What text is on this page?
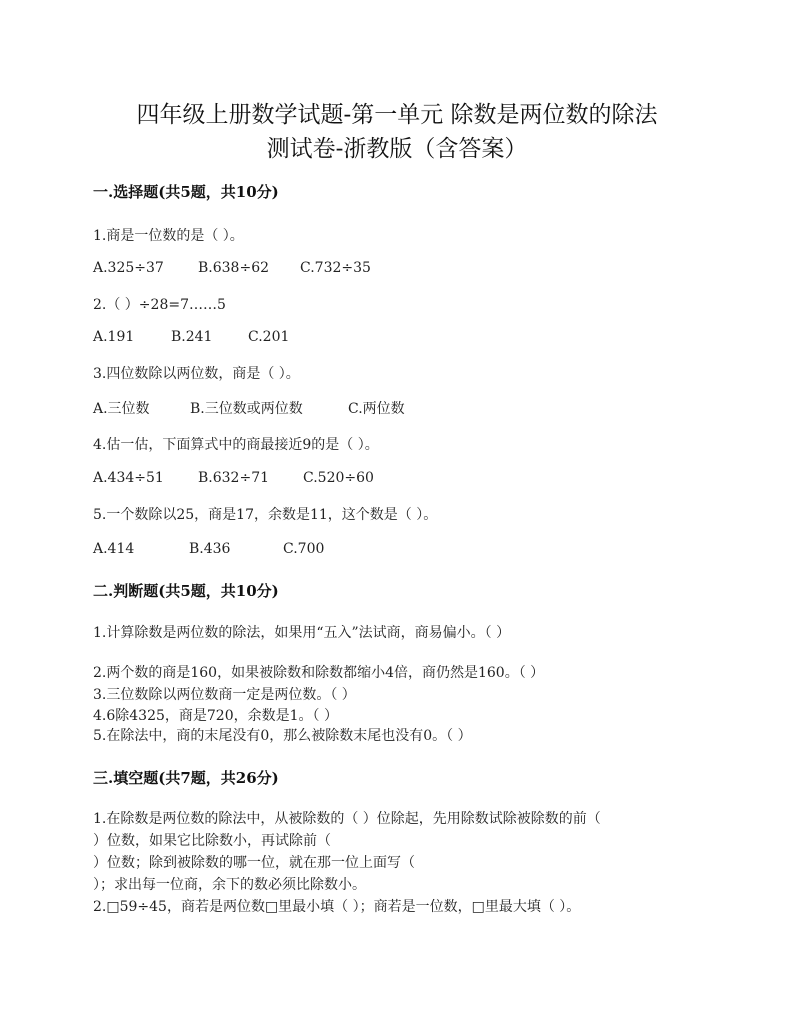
四年级上册数学试题-第一单元 除数是两位数的除法
测试卷-浙教版（含答案）
一.选择题(共5题，共10分)
1.商是一位数的是（ ）。
A.325÷37 B.638÷62 C.732÷35
2.（ ）÷28=7……5
A.191	B.241	C.201
3.四位数除以两位数，商是（ ）。
A.三位数	B.三位数或两位数	C.两位数
4.估一估，下面算式中的商最接近9的是（ ）。
A.434÷51 B.632÷71 C.520÷60
5.一个数除以25，商是17，余数是11，这个数是（ ）。
A.414	B.436	C.700
二.判断题(共5题，共10分)
1.计算除数是两位数的除法，如果用“五入”法试商，商易偏小。（ ）
2.两个数的商是160，如果被除数和除数都缩小4倍，商仍然是160。（ ）
3.三位数除以两位数商一定是两位数。（ ）
4.6除4325，商是720，余数是1。（ ）
5.在除法中，商的末尾没有0，那么被除数末尾也没有0。（ ）
三.填空题(共7题，共26分)
1.在除数是两位数的除法中，从被除数的（ ）位除起，先用除数试除被除数的前（
）位数，如果它比除数小，再试除前（
）位数；除到被除数的哪一位，就在那一位上面写（
）；求出每一位商，余下的数必须比除数小。
2.□59÷45，商若是两位数□里最小填（ ）；商若是一位数，□里最大填（ ）。
